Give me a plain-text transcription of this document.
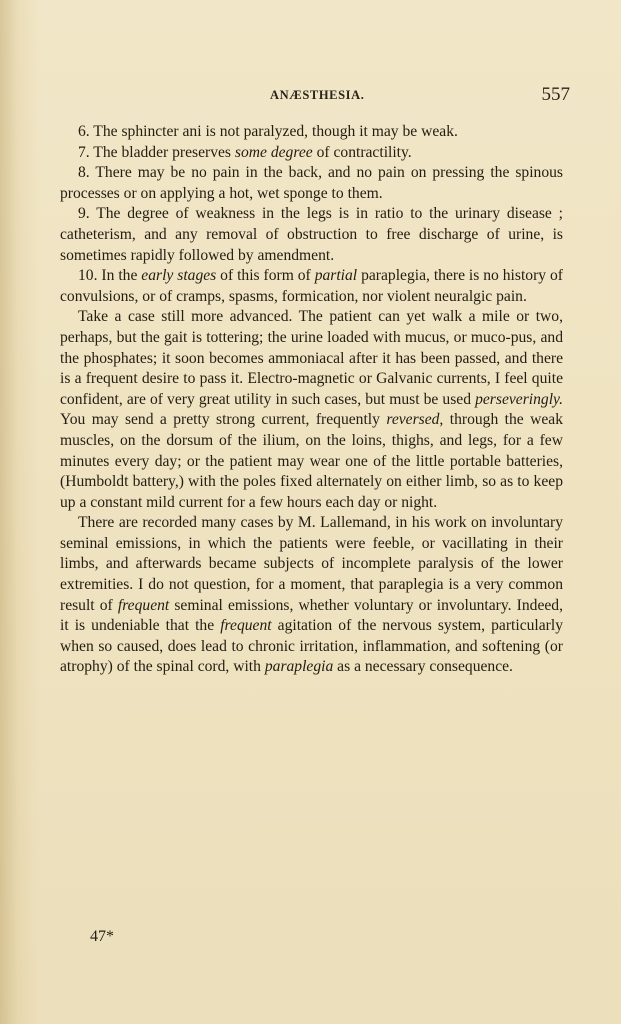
ANÆSTHESIA.	557

6. The sphincter ani is not paralyzed, though it may be weak.

7. The bladder preserves some degree of contractility.

8. There may be no pain in the back, and no pain on pressing the spinous processes or on applying a hot, wet sponge to them.

9. The degree of weakness in the legs is in ratio to the urinary disease ; catheterism, and any removal of obstruction to free discharge of urine, is sometimes rapidly followed by amendment.

10. In the early stages of this form of partial paraplegia, there is no history of convulsions, or of cramps, spasms, formication, nor violent neuralgic pain.

Take a case still more advanced. The patient can yet walk a mile or two, perhaps, but the gait is tottering; the urine loaded with mucus, or muco-pus, and the phosphates; it soon becomes ammoniacal after it has been passed, and there is a frequent desire to pass it. Electro-magnetic or Galvanic currents, I feel quite confident, are of very great utility in such cases, but must be used perseveringly. You may send a pretty strong current, frequently reversed, through the weak muscles, on the dorsum of the ilium, on the loins, thighs, and legs, for a few minutes every day; or the patient may wear one of the little portable batteries, (Humboldt battery,) with the poles fixed alternately on either limb, so as to keep up a constant mild current for a few hours each day or night.

There are recorded many cases by M. Lallemand, in his work on involuntary seminal emissions, in which the patients were feeble, or vacillating in their limbs, and afterwards became subjects of incomplete paralysis of the lower extremities. I do not question, for a moment, that paraplegia is a very common result of frequent seminal emissions, whether voluntary or involuntary. Indeed, it is undeniable that the frequent agitation of the nervous system, particularly when so caused, does lead to chronic irritation, inflammation, and softening (or atrophy) of the spinal cord, with paraplegia as a necessary consequence.

47*
